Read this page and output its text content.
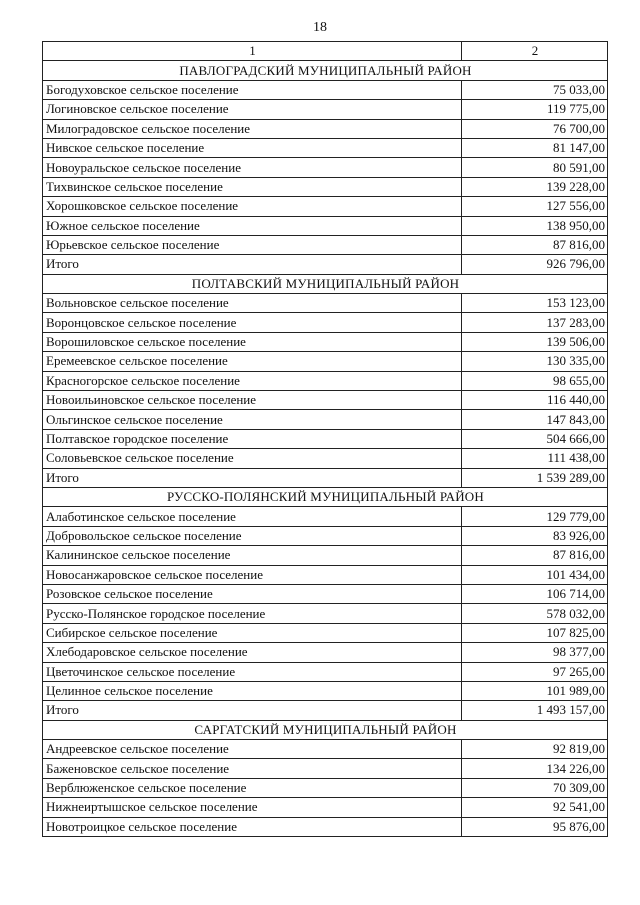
18
1	2
ПАВЛОГРАДСКИЙ МУНИЦИПАЛЬНЫЙ РАЙОН	
Богодуховское сельское поселение	75 033,00
Логиновское сельское поселение	119 775,00
Милоградовское сельское поселение	76 700,00
Нивское сельское поселение	81 147,00
Новоуральское сельское поселение	80 591,00
Тихвинское сельское поселение	139 228,00
Хорошковское сельское поселение	127 556,00
Южное сельское поселение	138 950,00
Юрьевское сельское поселение	87 816,00
Итого	926 796,00
ПОЛТАВСКИЙ МУНИЦИПАЛЬНЫЙ РАЙОН	
Вольновское сельское поселение	153 123,00
Воронцовское сельское поселение	137 283,00
Ворошиловское сельское поселение	139 506,00
Еремеевское сельское поселение	130 335,00
Красногорское сельское поселение	98 655,00
Новоильиновское сельское поселение	116 440,00
Ольгинское сельское поселение	147 843,00
Полтавское городское поселение	504 666,00
Соловьевское сельское поселение	111 438,00
Итого	1 539 289,00
РУССКО-ПОЛЯНСКИЙ МУНИЦИПАЛЬНЫЙ РАЙОН	
Алаботинское сельское поселение	129 779,00
Добровольское сельское поселение	83 926,00
Калининское сельское поселение	87 816,00
Новосанжаровское сельское поселение	101 434,00
Розовское сельское поселение	106 714,00
Русско-Полянское городское поселение	578 032,00
Сибирское сельское поселение	107 825,00
Хлебодаровское сельское поселение	98 377,00
Цветочинское сельское поселение	97 265,00
Целинное сельское поселение	101 989,00
Итого	1 493 157,00
САРГАТСКИЙ МУНИЦИПАЛЬНЫЙ РАЙОН	
Андреевское сельское поселение	92 819,00
Баженовское сельское поселение	134 226,00
Верблюженское сельское поселение	70 309,00
Нижнеиртышское сельское поселение	92 541,00
Новотроицкое сельское поселение	95 876,00
